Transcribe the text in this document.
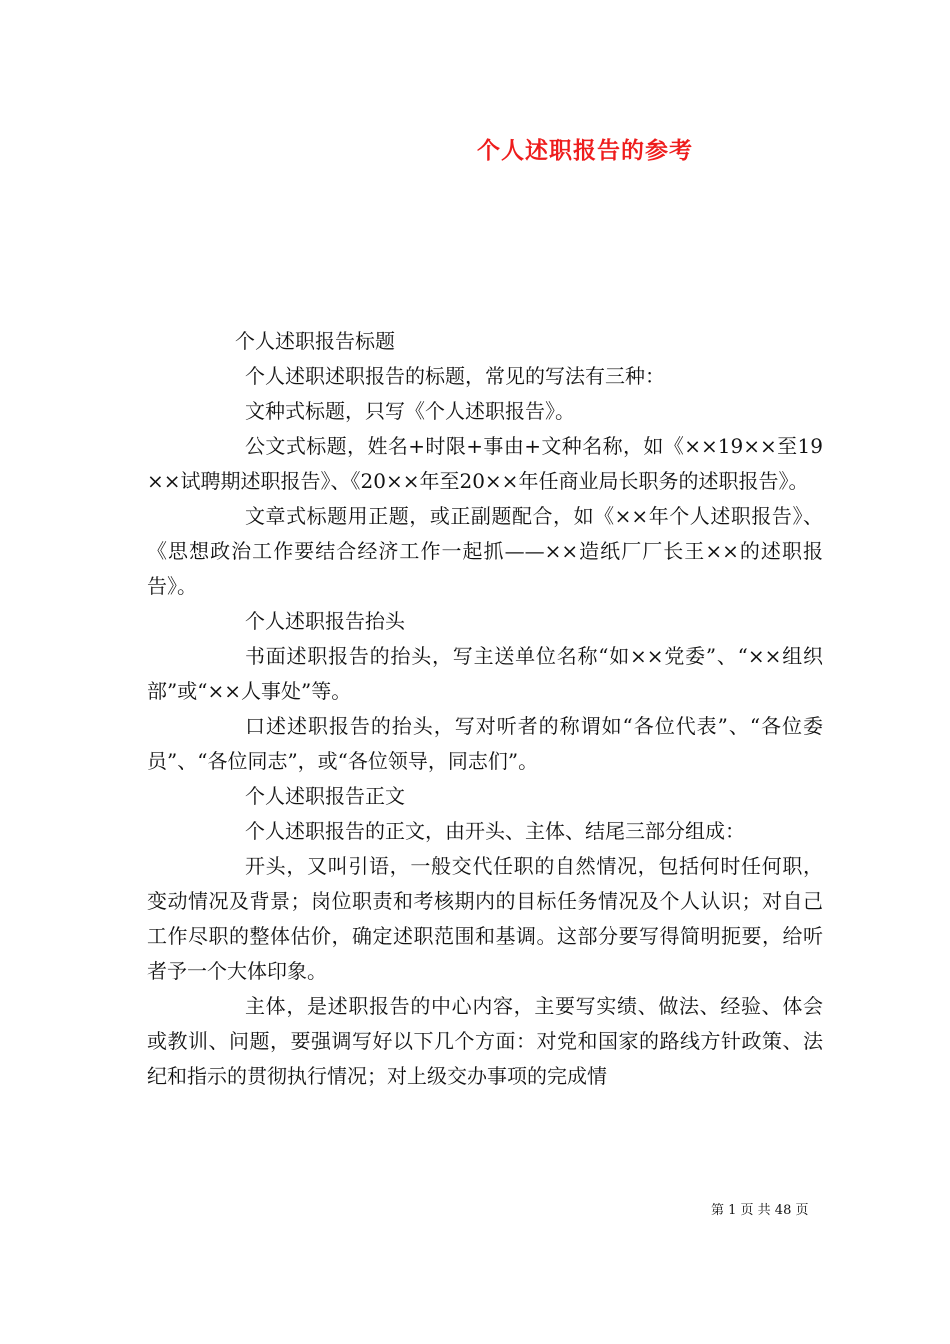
个人述职报告的参考

个人述职报告标题

个人述职述职报告的标题，常见的写法有三种：

文种式标题，只写《个人述职报告》。

公文式标题，姓名+时限+事由+文种名称，如《××19××至19××试聘期述职报告》、《20××年至20××年任商业局长职务的述职报告》。

文章式标题用正题，或正副题配合，如《××年个人述职报告》、《思想政治工作要结合经济工作一起抓——××造纸厂厂长王××的述职报告》。

个人述职报告抬头

书面述职报告的抬头，写主送单位名称“如××党委”、“××组织部”或“××人事处”等。

口述述职报告的抬头，写对听者的称谓如“各位代表”、“各位委员”、“各位同志”，或“各位领导，同志们”。

个人述职报告正文

个人述职报告的正文，由开头、主体、结尾三部分组成：

开头，又叫引语，一般交代任职的自然情况，包括何时任何职，变动情况及背景；岗位职责和考核期内的目标任务情况及个人认识；对自己工作尽职的整体估价，确定述职范围和基调。这部分要写得简明扼要，给听者予一个大体印象。

主体，是述职报告的中心内容，主要写实绩、做法、经验、体会或教训、问题，要强调写好以下几个方面：对党和国家的路线方针政策、法纪和指示的贯彻执行情况；对上级交办事项的完成情

第 1 页 共 48 页
